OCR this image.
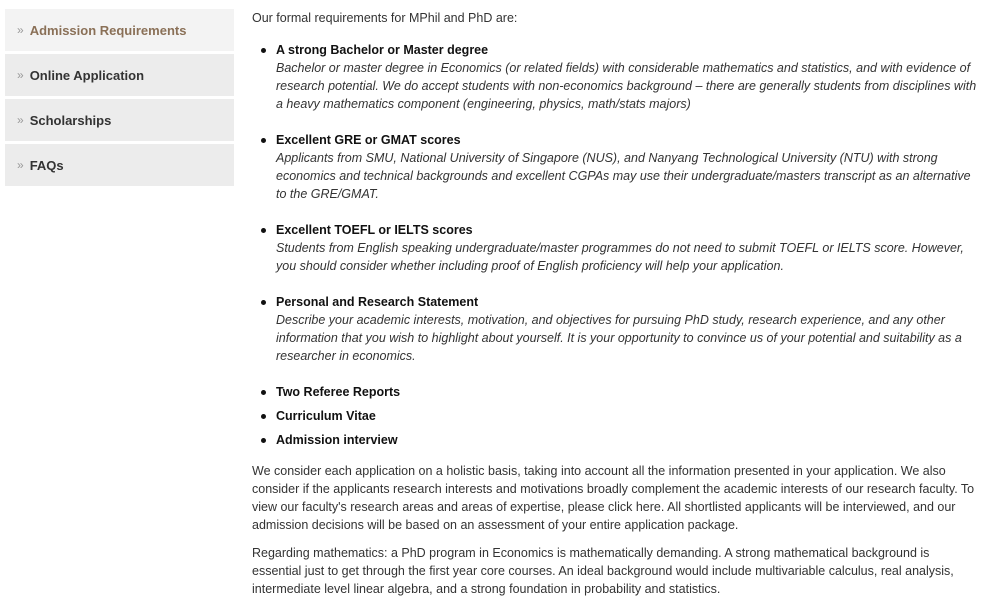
» Admission Requirements
» Online Application
» Scholarships
» FAQs

Our formal requirements for MPhil and PhD are:

A strong Bachelor or Master degree
Bachelor or master degree in Economics (or related fields) with considerable mathematics and statistics, and with evidence of research potential. We do accept students with non-economics background – there are generally students from disciplines with a heavy mathematics component (engineering, physics, math/stats majors)
Excellent GRE or GMAT scores
Applicants from SMU, National University of Singapore (NUS), and Nanyang Technological University (NTU) with strong economics and technical backgrounds and excellent CGPAs may use their undergraduate/masters transcript as an alternative to the GRE/GMAT.
Excellent TOEFL or IELTS scores
Students from English speaking undergraduate/master programmes do not need to submit TOEFL or IELTS score. However, you should consider whether including proof of English proficiency will help your application.
Personal and Research Statement
Describe your academic interests, motivation, and objectives for pursuing PhD study, research experience, and any other information that you wish to highlight about yourself. It is your opportunity to convince us of your potential and suitability as a researcher in economics.
Two Referee Reports
Curriculum Vitae
Admission interview

We consider each application on a holistic basis, taking into account all the information presented in your application. We also consider if the applicants research interests and motivations broadly complement the academic interests of our research faculty. To view our faculty's research areas and areas of expertise, please click here. All shortlisted applicants will be interviewed, and our admission decisions will be based on an assessment of your entire application package.

Regarding mathematics: a PhD program in Economics is mathematically demanding. A strong mathematical background is essential just to get through the first year core courses. An ideal background would include multivariable calculus, real analysis, intermediate level linear algebra, and a strong foundation in probability and statistics.
